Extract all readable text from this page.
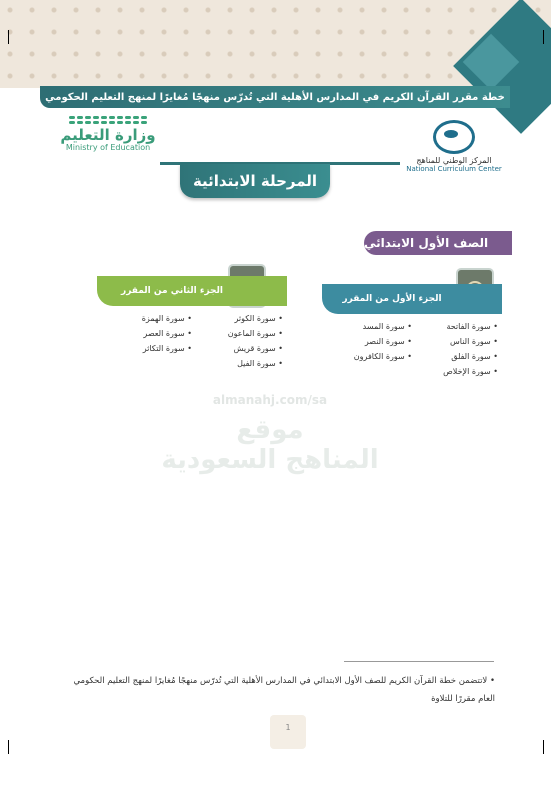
خطة مقرر القرآن الكريم في المدارس الأهلية التي تُدرّس منهجًا مُغايرًا لمنهج التعليم الحكومي
وزارة التعليم
Ministry of Education
المركز الوطني للمناهج
National Curriculum Center
المرحلة الابتدائية
الصف الأول الابتدائي
الجزء الأول من المقرر
• سورة الفاتحة
• سورة المسد
• سورة الناس
• سورة النصر
• سورة الفلق
• سورة الكافرون
• سورة الإخلاص
الجزء الثاني من المقرر
• سورة الكوثر
• سورة الهمزة
• سورة الماعون
• سورة العصر
• سورة قريش
• سورة التكاثر
• سورة الفيل
almanahj.com/sa
موقع
المناهج السعودية
• لاتتضمن خطة القرآن الكريم للصف الأول الابتدائي في المدارس الأهلية التي تُدرّس منهجًا مُغايرًا لمنهج التعليم الحكومي العام مقررًا للتلاوة
1
